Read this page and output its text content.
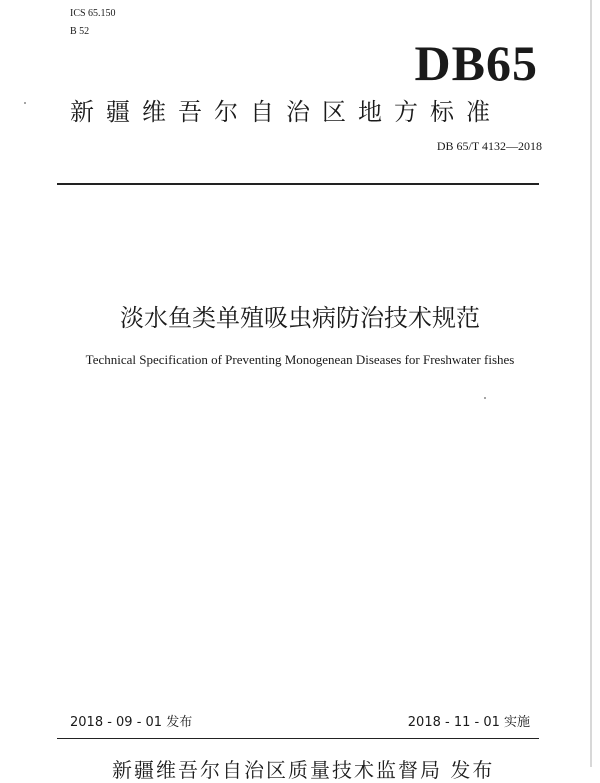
ICS 65.150
B 52
DB65
新疆维吾尔自治区地方标准
DB 65/T 4132—2018
淡水鱼类单殖吸虫病防治技术规范
Technical Specification of Preventing Monogenean Diseases for Freshwater fishes
2018 - 09 - 01 发布	2018 - 11 - 01 实施
新疆维吾尔自治区质量技术监督局 发布
